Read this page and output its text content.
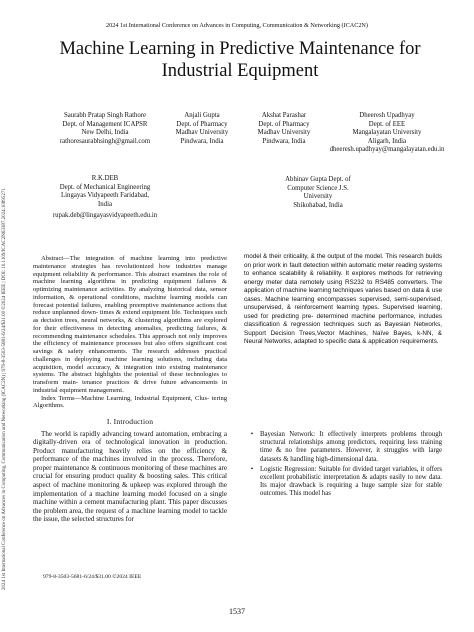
2024 1st International Conference on Advances in Computing, Communication & Networking (ICAC2N)
2024 1st International Conference on Advances in Computing, Communication and Networking (ICAC2N) | 979-8-3503-5681-6/24/$31.00 ©2024 IEEE | DOI: 10.1109/ICAC2N63387.2024.10895271
Machine Learning in Predictive Maintenance for
Industrial Equipment
Saurabh Pratap Singh Rathore
Dept. of Management ICAPSR
New Delhi, India
rathoresaurabhsingh@gmail.com
Anjali Gupta
Dept. of Pharmacy
Madhav University
Pindwara, India
Akshat Parashar
Dept. of Pharmacy
Madhav University
Pindwara, India
Dheeresh Upadhyay
Dept. of EEE
Mangalayatan University
Aligarh, India
dheeresh.upadhyay@mangalayatan.edu.in
R.K.DEB
Dept. of Mechanical Engineering
Lingayas Vidyapeeth Faridabad,
India
rupak.deb@lingayasvidyapeeth.edu.in
Abhinav Gupta Dept. of
Computer Science J.S.
University
Shikohabad, India

Abstract—The integration of machine learning into predictive maintenance strategies has revolutionized how industries manage equipment reliability & performance. This abstract examines the role of machine learning algorithms in predicting equipment failures & optimizing maintenance activities. By analyzing historical data, sensor information, & operational conditions, machine learning models can forecast potential failures, enabling preemptive maintenance actions that reduce unplanned down- times & extend equipment life. Techniques such as decision trees, neural networks, & clustering algorithms are explored for their effectiveness in detecting anomalies, predicting failures, & recommending maintenance schedules. This approach not only improves the efficiency of maintenance processes but also offers significant cost savings & safety enhancements. The research addresses practical challenges in deploying machine learning solutions, including data acquisition, model accuracy, & integration into existing maintenance systems. The abstract highlights the potential of these technologies to transform main- tenance practices & drive future advancements in industrial equipment management.

Index Terms—Machine Learning, Industrial Equipment, Clus- tering Algorithms.

I. Introduction

The world is rapidly advancing toward automation, embracing a digitally-driven era of technological innovation in production. Product manufacturing heavily relies on the efficiency & performance of the machines involved in the process. Therefore, proper maintenance & continuous monitoring of these machines are crucial for ensuring product quality & boosting sales. This critical aspect of machine monitoring & upkeep was explored through the implementation of a machine learning model focused on a single machine within a cement manufacturing plant. This paper discusses the problem area, the request of a machine learning model to tackle the issue, the selected structures for

model & their criticality, & the output of the model. This research builds on prior work in fault detection within automatic meter reading systems to enhance scalability & reliability. It explores methods for retrieving energy meter data remotely using RS232 to RS485 converters. The application of machine learning techniques varies based on data & use cases. Machine learning encompasses supervised, semi-supervised, unsupervised, & reinforcement learning types. Supervised learning, used for predicting pre- determined machine performance, includes classification & regression techniques such as Bayesian Networks, Support Decision Trees,Vector Machines, Naïve Bayes, k-NN, & Neural Networks, adapted to specific data & application requirements.

•	Bayesian Network: It effectively interprets problems through structural relationships among predictors, requiring less training time & no free parameters. However, it struggles with large datasets & handling high-dimensional data.

•	Logistic Regression: Suitable for divided target variables, it offers excellent probabilistic interpretation & adapts easily to new data. Its major drawback is requiring a huge sample size for stable outcomes. This model has

979-8-3503-5681-6/24/$31.00 ©2024 IEEE
1537
